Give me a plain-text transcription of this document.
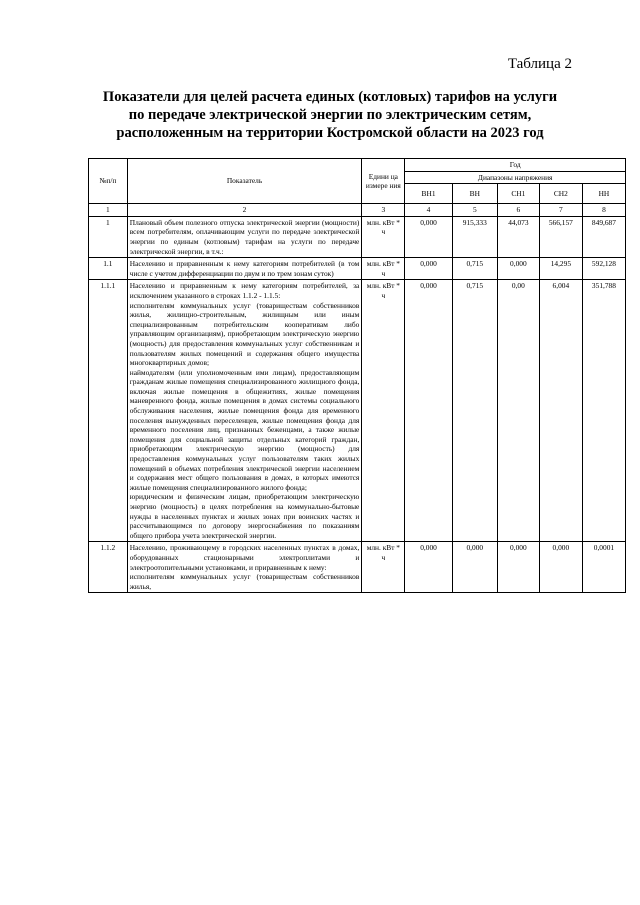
Таблица 2
Показатели для целей расчета единых (котловых) тарифов на услуги
по передаче электрической энергии по электрическим сетям,
расположенным на территории Костромской области на 2023 год
№п/п	Показатель	Едини ца измере ния	Год				
			Диапазоны напряжения				
			ВН1	ВН	СН1	СН2	НН
1	2	3	4	5	6	7	8
1	Плановый объем полезного отпуска электрической энергии (мощности) всем потребителям, оплачивающим услуги по передаче электрической энергии по единым (котловым) тарифам на услуги по передаче электрической энергии, в т.ч.:	млн. кВт * ч	0,000	915,333	44,073	566,157	849,687
1.1	Населению и приравненным к нему категориям потребителей (в том числе с учетом дифференциации по двум и по трем зонам суток)	млн. кВт * ч	0,000	0,715	0,000	14,295	592,128
1.1.1	Населению и приравненным к нему категориям потребителей, за исключением указанного в строках 1.1.2 - 1.1.5:

исполнителям коммунальных услуг (товариществам собственников жилья, жилищно-строительным, жилищным или иным специализированным потребительским кооперативам либо управляющим организациям), приобретающим электрическую энергию (мощность) для предоставления коммунальных услуг собственникам и пользователям жилых помещений и содержания общего имущества многоквартирных домов;

наймодателям (или уполномоченным ими лицам), предоставляющим гражданам жилые помещения специализированного жилищного фонда, включая жилые помещения в общежитиях, жилые помещения маневренного фонда, жилые помещения в домах системы социального обслуживания населения, жилые помещения фонда для временного поселения вынужденных переселенцев, жилые помещения фонда для временного поселения лиц, признанных беженцами, а также жилые помещения для социальной защиты отдельных категорий граждан, приобретающим электрическую энергию (мощность) для предоставления коммунальных услуг пользователям таких жилых помещений в объемах потребления электрической энергии населением и содержания мест общего пользования в домах, в которых имеются жилые помещения специализированного жилого фонда;

юридическим и физическим лицам, приобретающим электрическую энергию (мощность) в целях потребления на коммунально-бытовые нужды в населенных пунктах и жилых зонах при воинских частях и рассчитывающимся по договору энергоснабжения по показаниям общего прибора учета электрической энергии.	млн. кВт * ч	0,000	0,715	0,00	6,004	351,788
1.1.2	Населению, проживающему в городских населенных пунктах в домах, оборудованных стационарными электроплитами и электроотопительными установками, и приравненным к нему:

исполнителям коммунальных услуг (товариществам собственников жилья,	млн. кВт * ч	0,000	0,000	0,000	0,000	0,0001
